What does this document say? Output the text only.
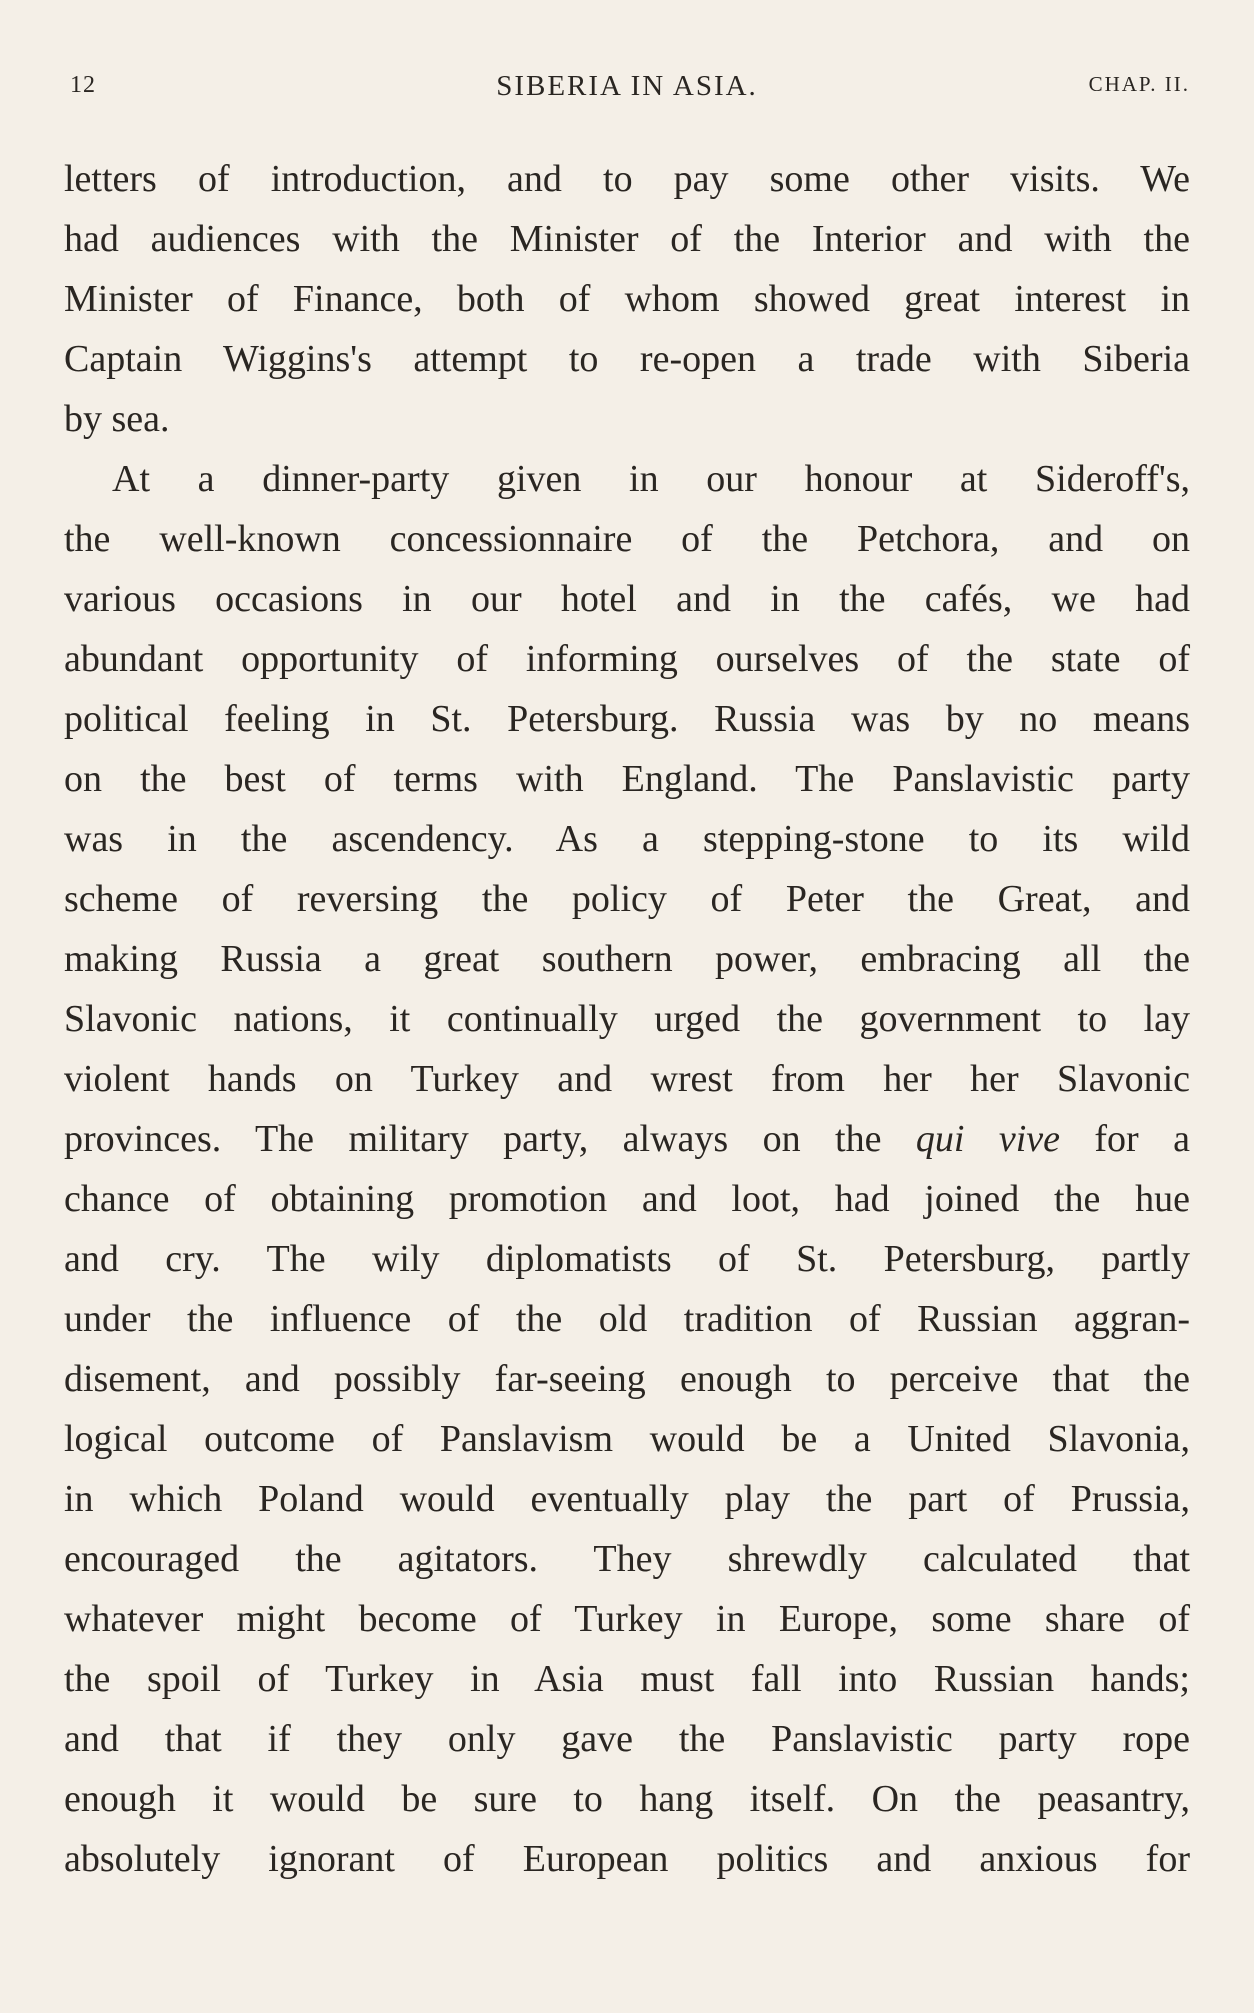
12	SIBERIA IN ASIA.	CHAP. II.
letters of introduction, and to pay some other visits. We
had audiences with the Minister of the Interior and with the
Minister of Finance, both of whom showed great interest in
Captain Wiggins's attempt to re-open a trade with Siberia
by sea.
At a dinner-party given in our honour at Sideroff's,
the well-known concessionnaire of the Petchora, and on
various occasions in our hotel and in the cafés, we had
abundant opportunity of informing ourselves of the state of
political feeling in St. Petersburg. Russia was by no means
on the best of terms with England. The Panslavistic party
was in the ascendency. As a stepping-stone to its wild
scheme of reversing the policy of Peter the Great, and
making Russia a great southern power, embracing all the
Slavonic nations, it continually urged the government to lay
violent hands on Turkey and wrest from her her Slavonic
provinces. The military party, always on the qui vive for a
chance of obtaining promotion and loot, had joined the hue
and cry. The wily diplomatists of St. Petersburg, partly
under the influence of the old tradition of Russian aggran-
disement, and possibly far-seeing enough to perceive that the
logical outcome of Panslavism would be a United Slavonia,
in which Poland would eventually play the part of Prussia,
encouraged the agitators. They shrewdly calculated that
whatever might become of Turkey in Europe, some share of
the spoil of Turkey in Asia must fall into Russian hands;
and that if they only gave the Panslavistic party rope
enough it would be sure to hang itself. On the peasantry,
absolutely ignorant of European politics and anxious for
